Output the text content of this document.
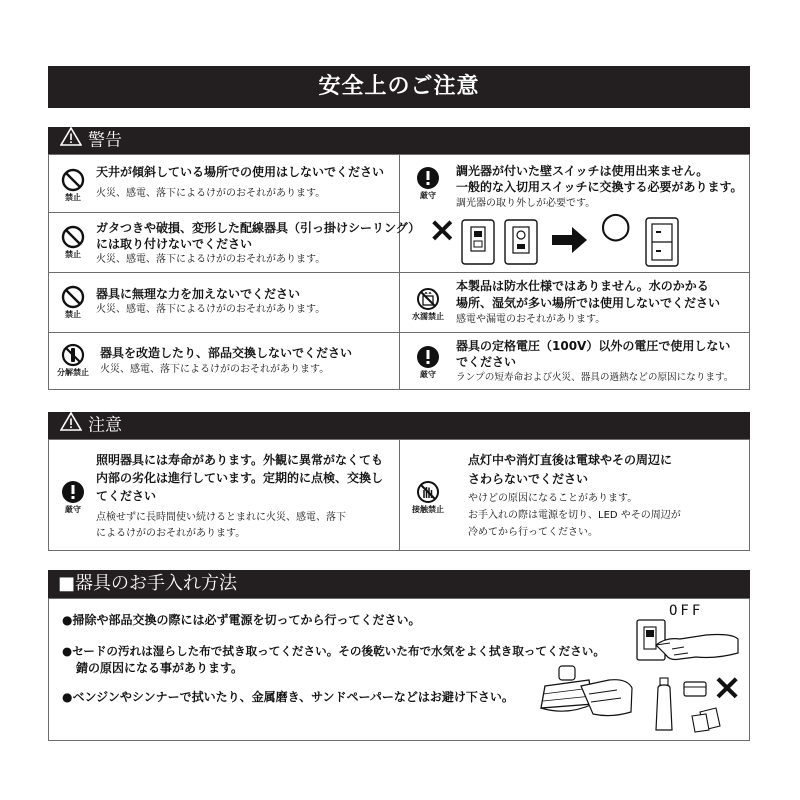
安全上のご注意
警告
禁止
天井が傾斜している場所での使用はしないでください
火災、感電、落下によるけがのおそれがあります。
禁止
ガタつきや破損、変形した配線器具（引っ掛けシーリング）
には取り付けないでください
火災、感電、落下によるけがのおそれがあります。
禁止
器具に無理な力を加えないでください
火災、感電、落下によるけがのおそれがあります。
分解禁止
器具を改造したり、部品交換しないでください
火災、感電、落下によるけがのおそれがあります。
厳守
調光器が付いた壁スイッチは使用出来ません。
一般的な入切用スイッチに交換する必要があります。
調光器の取り外しが必要です。
×	○
水濡禁止
本製品は防水仕様ではありません。水のかかる
場所、湿気が多い場所では使用しないでください
感電や漏電のおそれがあります。
厳守
器具の定格電圧（100V）以外の電圧で使用しない
でください
ランプの短寿命および火災、器具の過熱などの原因になります。
注意
厳守
照明器具には寿命があります。外観に異常がなくても
内部の劣化は進行しています。定期的に点検、交換し
てください
点検せずに長時間使い続けるとまれに火災、感電、落下
によるけがのおそれがあります。
接触禁止
点灯中や消灯直後は電球やその周辺に
さわらないでください
やけどの原因になることがあります。
お手入れの際は電源を切り、LED やその周辺が
冷めてから行ってください。
■器具のお手入れ方法
●掃除や部品交換の際には必ず電源を切ってから行ってください。
●セードの汚れは湿らした布で拭き取ってください。その後乾いた布で水気をよく拭き取ってください。
錆の原因になる事があります。
●ベンジンやシンナーで拭いたり、金属磨き、サンドペーパーなどはお避け下さい。
OFF
×
